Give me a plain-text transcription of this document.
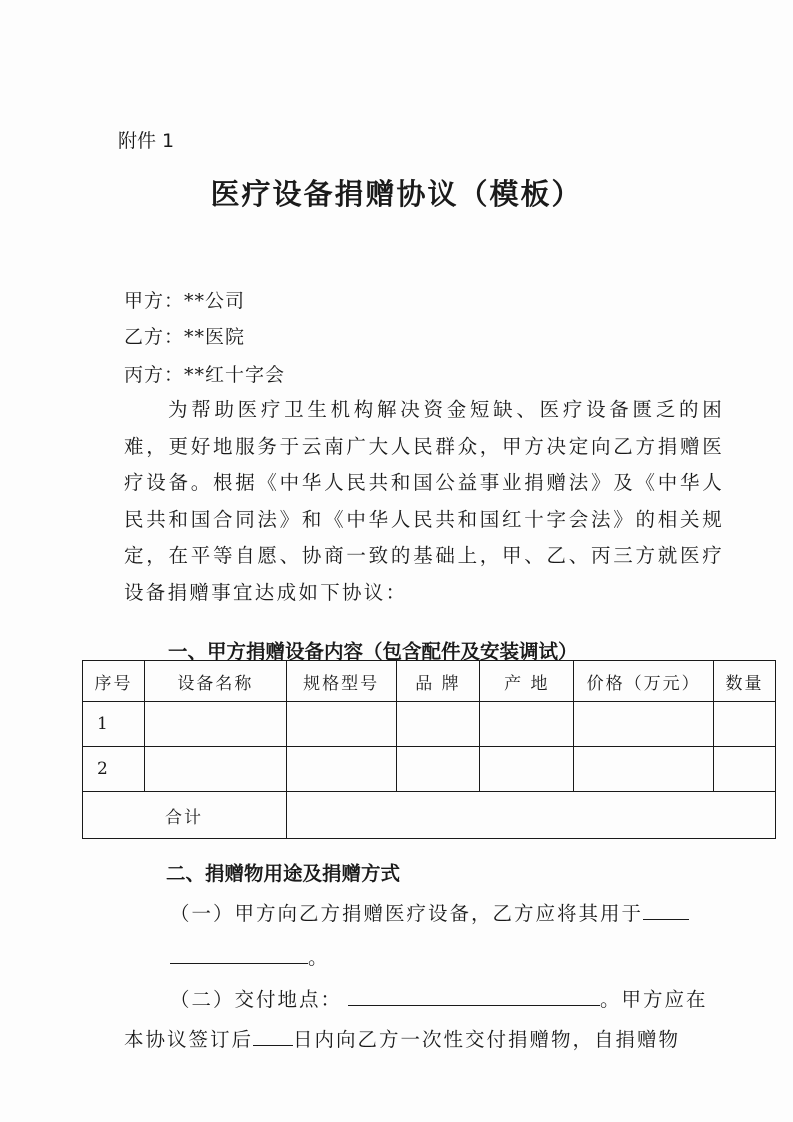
附件 1
医疗设备捐赠协议（模板）
甲方：**公司
乙方：**医院
丙方：**红十字会
为帮助医疗卫生机构解决资金短缺、医疗设备匮乏的困难，更好地服务于云南广大人民群众，甲方决定向乙方捐赠医疗设备。根据《中华人民共和国公益事业捐赠法》及《中华人民共和国合同法》和《中华人民共和国红十字会法》的相关规定，在平等自愿、协商一致的基础上，甲、乙、丙三方就医疗设备捐赠事宜达成如下协议：
一、甲方捐赠设备内容（包含配件及安装调试）
序号	设备名称	规格型号	品 牌	产 地	价格（万元）	数量
1						
2						
合计						
二、捐赠物用途及捐赠方式
（一）甲方向乙方捐赠医疗设备，乙方应将其用于
。
（二）交付地点：	。甲方应在
本协议签订后 日内向乙方一次性交付捐赠物，自捐赠物
